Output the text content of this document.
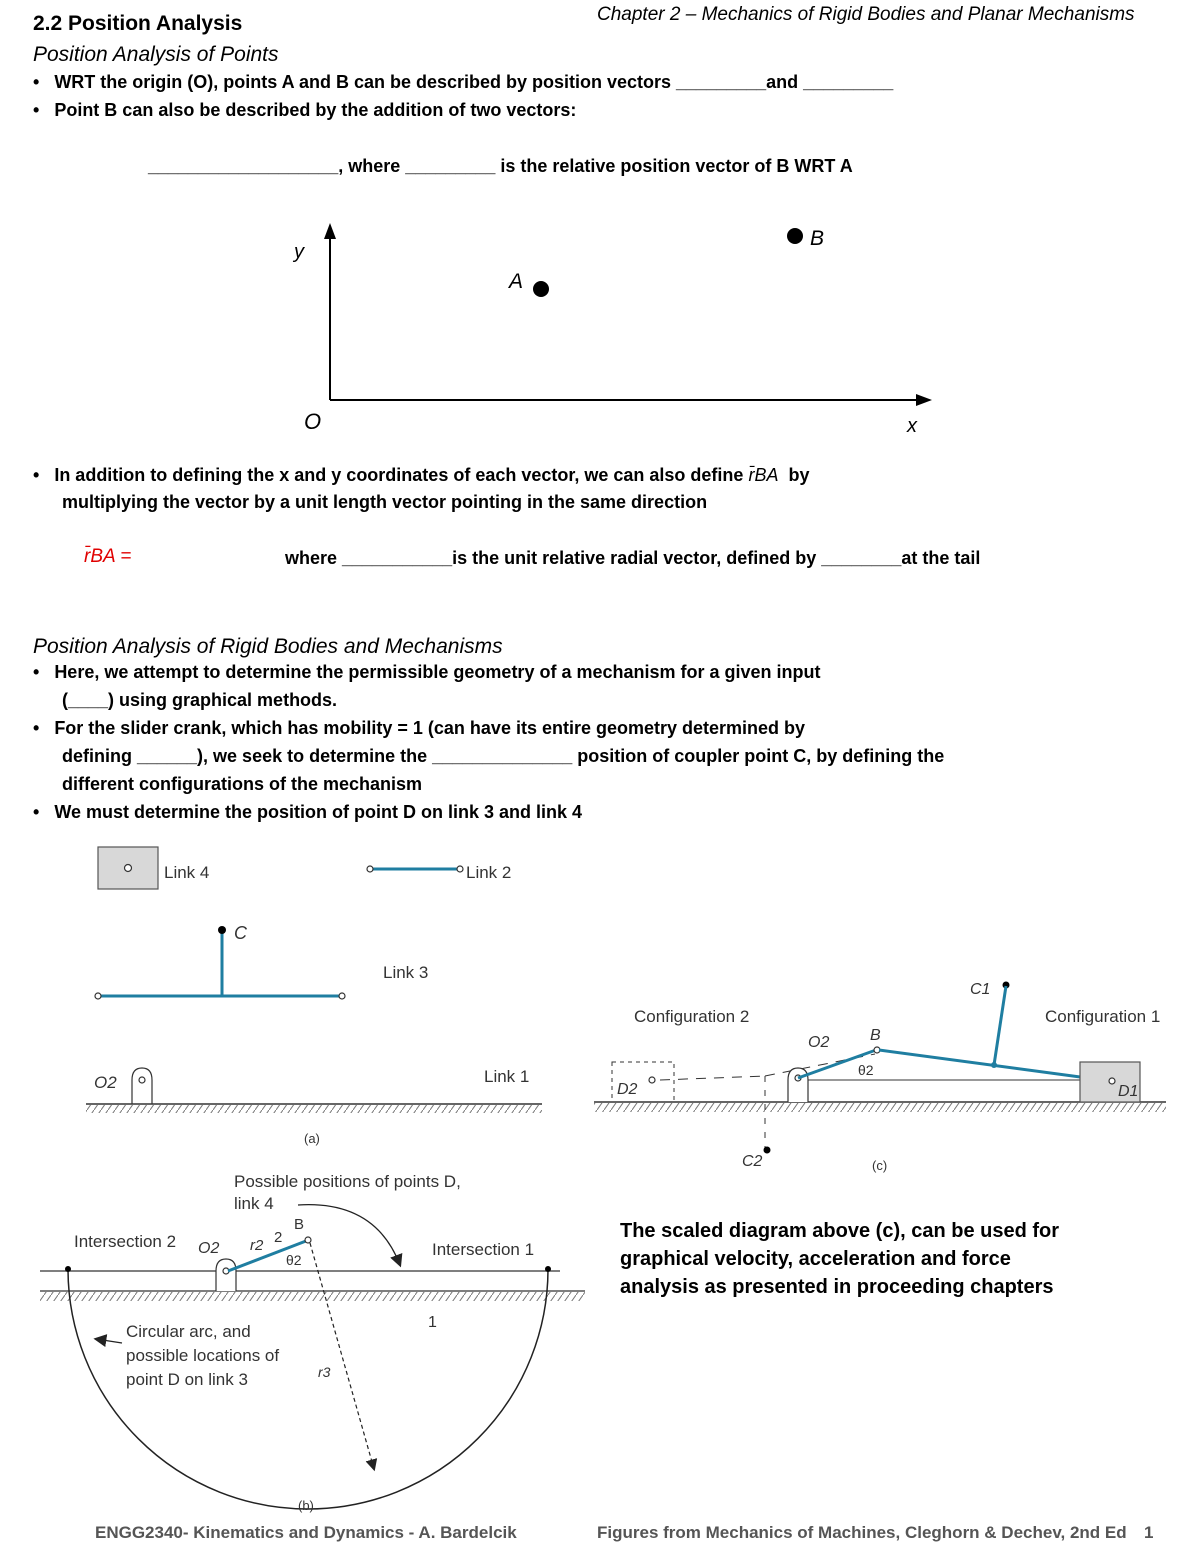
2.2 Position Analysis	Chapter 2 – Mechanics of Rigid Bodies and Planar Mechanisms
Position Analysis of Points
•   WRT the origin (O), points A and B can be described by position vectors _________and _________
•   Point B can also be described by the addition of two vectors:
___________________, where _________ is the relative position vector of B WRT A
y
O	x
A
B
•   In addition to defining the x and y coordinates of each vector, we can also define r̄BA by
multiplying the vector by a unit length vector pointing in the same direction
r̄BA =	where ___________is the unit relative radial vector, defined by ________at the tail
Position Analysis of Rigid Bodies and Mechanisms
•   Here, we attempt to determine the permissible geometry of a mechanism for a given input
(____) using graphical methods.
•   For the slider crank, which has mobility = 1 (can have its entire geometry determined by
defining ______), we seek to determine the ______________ position of coupler point C, by defining the
different configurations of the mechanism
•   We must determine the position of point D on link 3 and link 4
Link 4	Link 2
C
Link 3
O2	Link 1
(a)
Configuration 2	Configuration 1
C1
D2
O2	B
θ2
D1
C2	(c)
Possible positions of points D,
link 4
Intersection 2	Intersection 1
O2 r2 2
B
θ2
r3
1
Circular arc, and
possible locations of
point D on link 3
(b)
The scaled diagram above (c), can be used for
graphical velocity, acceleration and force
analysis as presented in proceeding chapters
ENGG2340- Kinematics and Dynamics - A. Bardelcik	Figures from Mechanics of Machines, Cleghorn & Dechev, 2nd Ed 1
